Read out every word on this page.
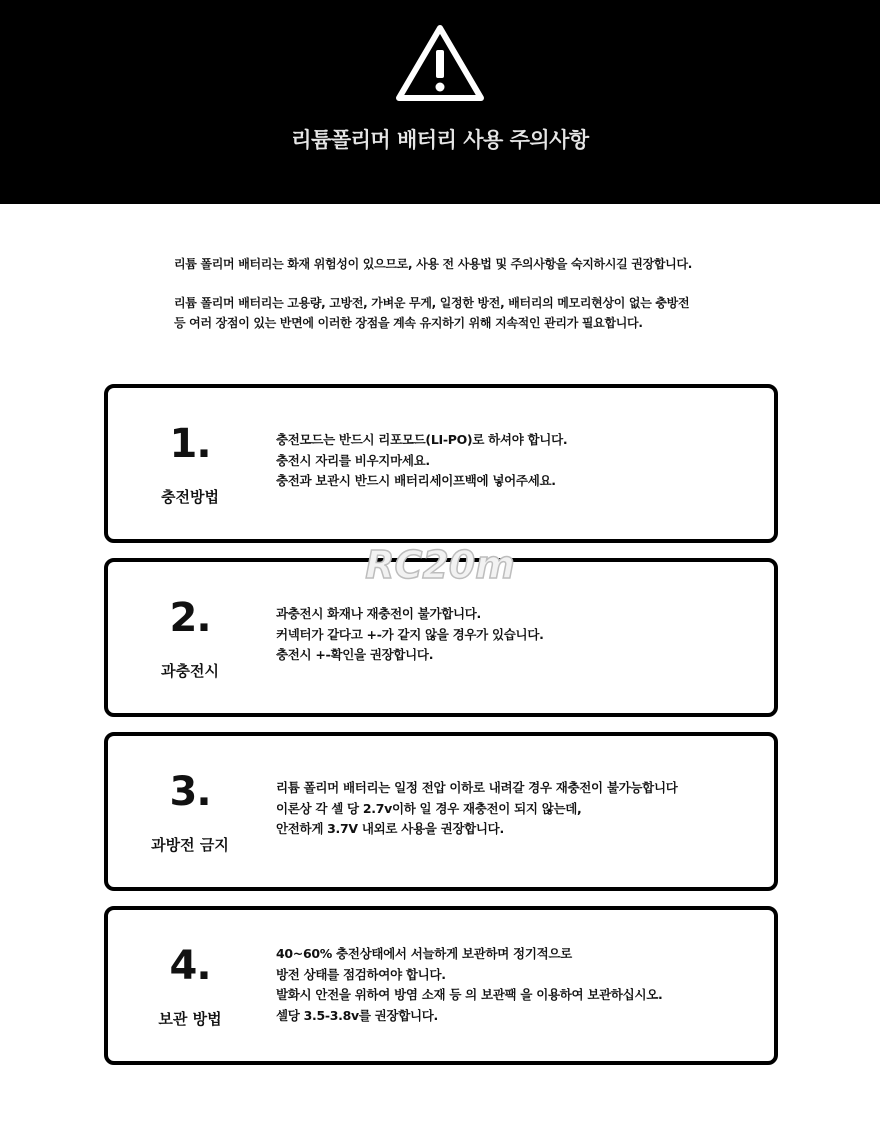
리튬폴리머 배터리 사용 주의사항

리튬 폴리머 배터리는 화재 위험성이 있으므로, 사용 전 사용법 및 주의사항을 숙지하시길 권장합니다.

리튬 폴리머 배터리는 고용량, 고방전, 가벼운 무게, 일정한 방전, 배터리의 메모리현상이 없는 충방전
등 여러 장점이 있는 반면에 이러한 장점을 계속 유지하기 위해 지속적인 관리가 필요합니다.

1.
충전방법
충전모드는 반드시 리포모드(LI-PO)로 하셔야 합니다.
충전시 자리를 비우지마세요.
충전과 보관시 반드시 배터리세이프백에 넣어주세요.
2.
과충전시
과충전시 화재나 재충전이 불가합니다.
커넥터가 같다고 +-가 같지 않을 경우가 있습니다.
충전시 +-확인을 권장합니다.
3.
과방전 금지
리튬 폴리머 배터리는 일정 전압 이하로 내려갈 경우 재충전이 불가능합니다
이론상 각 셀 당 2.7v이하 일 경우 재충전이 되지 않는데,
안전하게 3.7V 내외로 사용을 권장합니다.
4.
보관 방법
40~60% 충전상태에서 서늘하게 보관하며 정기적으로
방전 상태를 점검하여야 합니다.
발화시 안전을 위하여 방염 소재 등 의 보관팩 을 이용하여 보관하십시오.
셀당 3.5-3.8v를 권장합니다.
RC20m
